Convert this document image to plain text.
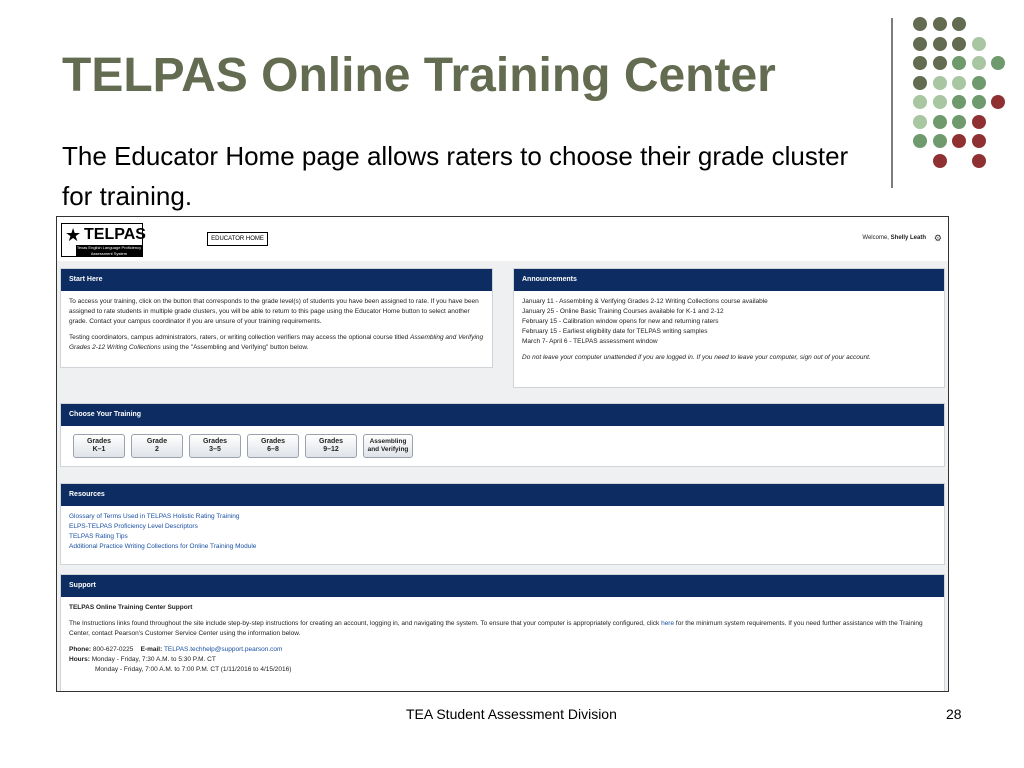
TELPAS Online Training Center
The Educator Home page allows raters to choose their grade cluster for training.
★ TELPAS
Texas English Language Proficiency Assessment System
EDUCATOR HOME	Welcome, Shelly Leath ⚙
Start Here

To access your training, click on the button that corresponds to the grade level(s) of students you have been assigned to rate. If you have been assigned to rate students in multiple grade clusters, you will be able to return to this page using the Educator Home button to select another grade. Contact your campus coordinator if you are unsure of your training requirements.

Testing coordinators, campus administrators, raters, or writing collection verifiers may access the optional course titled Assembling and Verifying Grades 2-12 Writing Collections using the "Assembling and Verifying" button below.

Announcements
January 11 - Assembling & Verifying Grades 2-12 Writing Collections course available
January 25 - Online Basic Training Courses available for K-1 and 2-12
February 15 - Calibration window opens for new and returning raters
February 15 - Earliest eligibility date for TELPAS writing samples
March 7- April 6 - TELPAS assessment window
Do not leave your computer unattended if you are logged in. If you need to leave your computer, sign out of your account.
Choose Your Training
Grades
K–1
Grade
2
Grades
3–5
Grades
6–8
Grades
9–12
Assembling
and Verifying
Resources
Glossary of Terms Used in TELPAS Holistic Rating Training
ELPS-TELPAS Proficiency Level Descriptors
TELPAS Rating Tips
Additional Practice Writing Collections for Online Training Module
Support

TELPAS Online Training Center Support

The Instructions links found throughout the site include step-by-step instructions for creating an account, logging in, and navigating the system. To ensure that your computer is appropriately configured, click here for the minimum system requirements. If you need further assistance with the Training Center, contact Pearson's Customer Service Center using the information below.

Phone: 800-627-0225 E-mail: TELPAS.techhelp@support.pearson.com
Hours: Monday - Friday, 7:30 A.M. to 5:30 P.M. CT
Monday - Friday, 7:00 A.M. to 7:00 P.M. CT (1/11/2016 to 4/15/2016)
TEA Student Assessment Division	28
